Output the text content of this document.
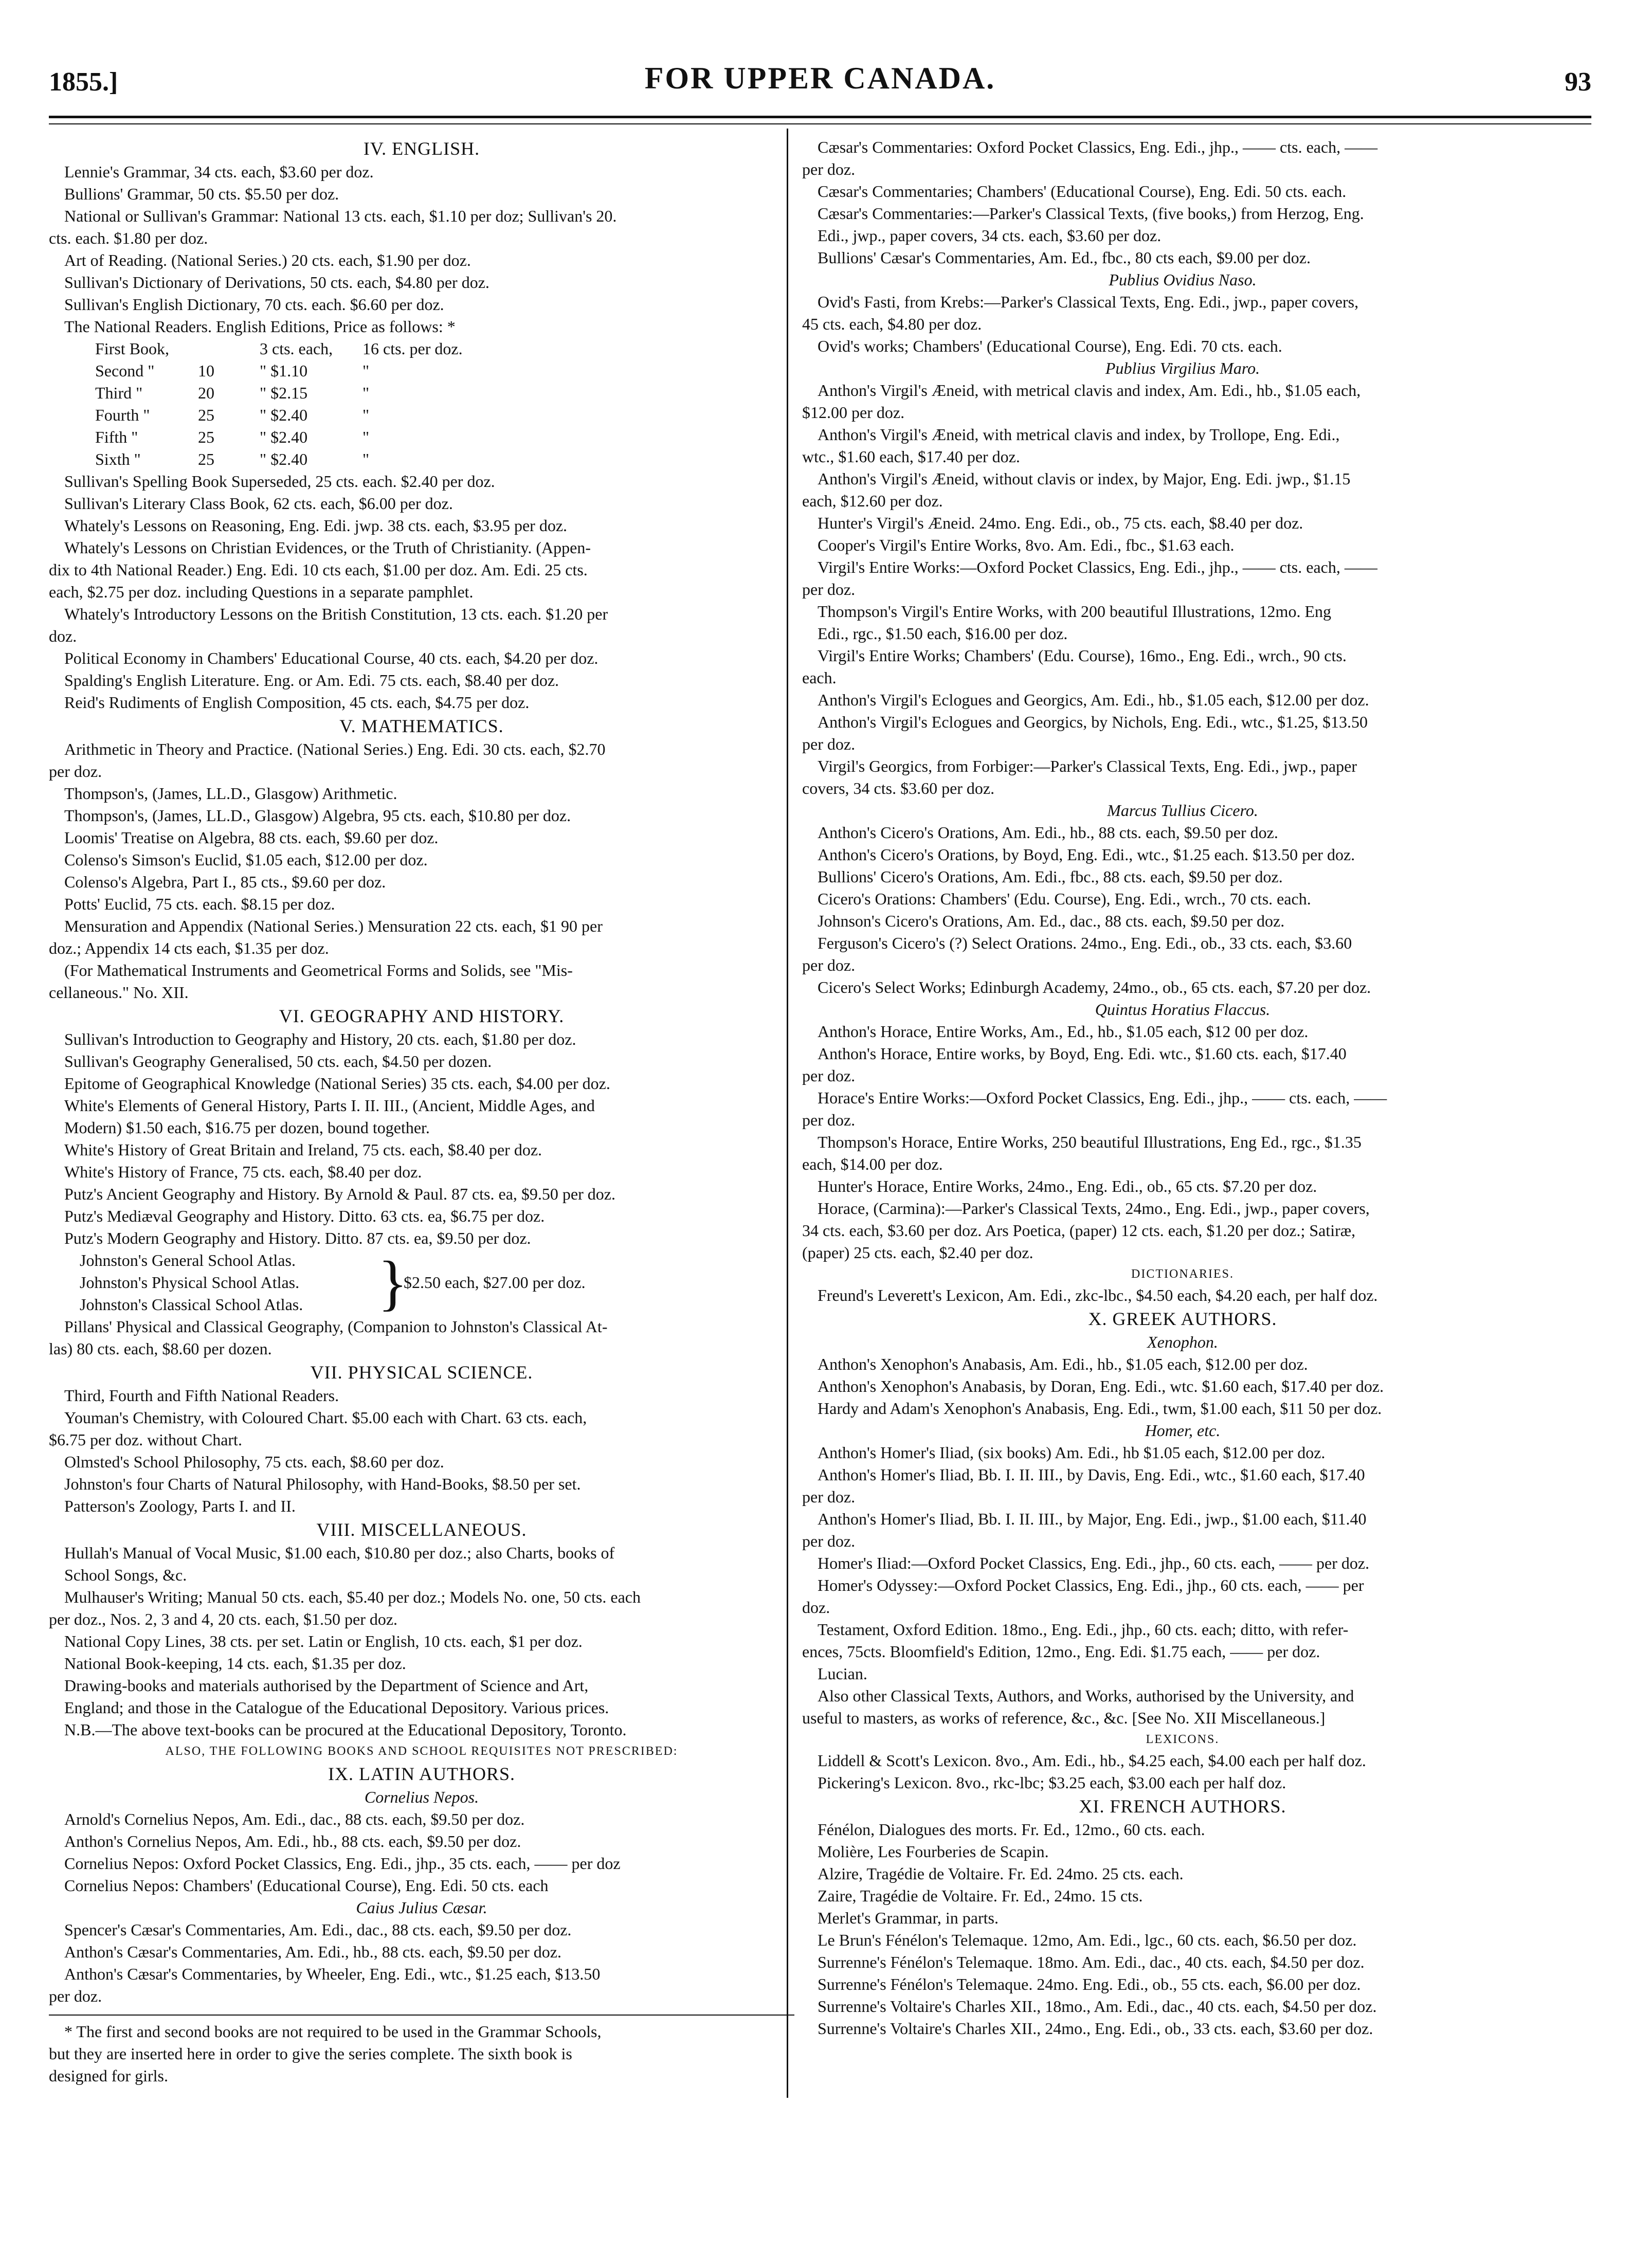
1855.]	FOR UPPER CANADA.	93
IV. ENGLISH.
Lennie's Grammar, 34 cts. each, $3.60 per doz.
Bullions' Grammar, 50 cts. $5.50 per doz.
National or Sullivan's Grammar: National 13 cts. each, $1.10 per doz; Sullivan's 20.
cts. each. $1.80 per doz.
Art of Reading. (National Series.) 20 cts. each, $1.90 per doz.
Sullivan's Dictionary of Derivations, 50 cts. each, $4.80 per doz.
Sullivan's English Dictionary, 70 cts. each. $6.60 per doz.
The National Readers. English Editions, Price as follows: *
First Book,	3 cts. each, 16 cts. per doz.
Second "	10	" $1.10	"
Third "	20	" $2.15	"
Fourth "	25	" $2.40	"
Fifth "	25	" $2.40	"
Sixth "	25	" $2.40	"
Sullivan's Spelling Book Superseded, 25 cts. each. $2.40 per doz.
Sullivan's Literary Class Book, 62 cts. each, $6.00 per doz.
Whately's Lessons on Reasoning, Eng. Edi. jwp. 38 cts. each, $3.95 per doz.
Whately's Lessons on Christian Evidences, or the Truth of Christianity. (Appen-
dix to 4th National Reader.) Eng. Edi. 10 cts each, $1.00 per doz. Am. Edi. 25 cts.
each, $2.75 per doz. including Questions in a separate pamphlet.
Whately's Introductory Lessons on the British Constitution, 13 cts. each. $1.20 per
doz.
Political Economy in Chambers' Educational Course, 40 cts. each, $4.20 per doz.
Spalding's English Literature. Eng. or Am. Edi. 75 cts. each, $8.40 per doz.
Reid's Rudiments of English Composition, 45 cts. each, $4.75 per doz.
V. MATHEMATICS.
Arithmetic in Theory and Practice. (National Series.) Eng. Edi. 30 cts. each, $2.70
per doz.
Thompson's, (James, LL.D., Glasgow) Arithmetic.
Thompson's, (James, LL.D., Glasgow) Algebra, 95 cts. each, $10.80 per doz.
Loomis' Treatise on Algebra, 88 cts. each, $9.60 per doz.
Colenso's Simson's Euclid, $1.05 each, $12.00 per doz.
Colenso's Algebra, Part I., 85 cts., $9.60 per doz.
Potts' Euclid, 75 cts. each. $8.15 per doz.
Mensuration and Appendix (National Series.) Mensuration 22 cts. each, $1 90 per
doz.; Appendix 14 cts each, $1.35 per doz.
(For Mathematical Instruments and Geometrical Forms and Solids, see "Mis-
cellaneous." No. XII.
VI. GEOGRAPHY AND HISTORY.
Sullivan's Introduction to Geography and History, 20 cts. each, $1.80 per doz.
Sullivan's Geography Generalised, 50 cts. each, $4.50 per dozen.
Epitome of Geographical Knowledge (National Series) 35 cts. each, $4.00 per doz.
White's Elements of General History, Parts I. II. III., (Ancient, Middle Ages, and
Modern) $1.50 each, $16.75 per dozen, bound together.
White's History of Great Britain and Ireland, 75 cts. each, $8.40 per doz.
White's History of France, 75 cts. each, $8.40 per doz.
Putz's Ancient Geography and History. By Arnold & Paul. 87 cts. ea, $9.50 per doz.
Putz's Mediæval Geography and History. Ditto. 63 cts. ea, $6.75 per doz.
Putz's Modern Geography and History. Ditto. 87 cts. ea, $9.50 per doz.
Johnston's General School Atlas.
Johnston's Physical School Atlas.
Johnston's Classical School Atlas. }
$2.50 each, $27.00 per doz.
Pillans' Physical and Classical Geography, (Companion to Johnston's Classical At-
las) 80 cts. each, $8.60 per dozen.
VII. PHYSICAL SCIENCE.
Third, Fourth and Fifth National Readers.
Youman's Chemistry, with Coloured Chart. $5.00 each with Chart. 63 cts. each,
$6.75 per doz. without Chart.
Olmsted's School Philosophy, 75 cts. each, $8.60 per doz.
Johnston's four Charts of Natural Philosophy, with Hand-Books, $8.50 per set.
Patterson's Zoology, Parts I. and II.
VIII. MISCELLANEOUS.
Hullah's Manual of Vocal Music, $1.00 each, $10.80 per doz.; also Charts, books of
School Songs, &c.
Mulhauser's Writing; Manual 50 cts. each, $5.40 per doz.; Models No. one, 50 cts. each
per doz., Nos. 2, 3 and 4, 20 cts. each, $1.50 per doz.
National Copy Lines, 38 cts. per set. Latin or English, 10 cts. each, $1 per doz.
National Book-keeping, 14 cts. each, $1.35 per doz.
Drawing-books and materials authorised by the Department of Science and Art,
England; and those in the Catalogue of the Educational Depository. Various prices.
N.B.—The above text-books can be procured at the Educational Depository, Toronto.
ALSO, THE FOLLOWING BOOKS AND SCHOOL REQUISITES NOT PRESCRIBED:
IX. LATIN AUTHORS.
Cornelius Nepos.
Arnold's Cornelius Nepos, Am. Edi., dac., 88 cts. each, $9.50 per doz.
Anthon's Cornelius Nepos, Am. Edi., hb., 88 cts. each, $9.50 per doz.
Cornelius Nepos: Oxford Pocket Classics, Eng. Edi., jhp., 35 cts. each, —— per doz
Cornelius Nepos: Chambers' (Educational Course), Eng. Edi. 50 cts. each
Caius Julius Cæsar.
Spencer's Cæsar's Commentaries, Am. Edi., dac., 88 cts. each, $9.50 per doz.
Anthon's Cæsar's Commentaries, Am. Edi., hb., 88 cts. each, $9.50 per doz.
Anthon's Cæsar's Commentaries, by Wheeler, Eng. Edi., wtc., $1.25 each, $13.50
per doz.
* The first and second books are not required to be used in the Grammar Schools,
but they are inserted here in order to give the series complete. The sixth book is
designed for girls.
Cæsar's Commentaries: Oxford Pocket Classics, Eng. Edi., jhp., —— cts. each, ——
per doz.
Cæsar's Commentaries; Chambers' (Educational Course), Eng. Edi. 50 cts. each.
Cæsar's Commentaries:—Parker's Classical Texts, (five books,) from Herzog, Eng.
Edi., jwp., paper covers, 34 cts. each, $3.60 per doz.
Bullions' Cæsar's Commentaries, Am. Ed., fbc., 80 cts each, $9.00 per doz.
Publius Ovidius Naso.
Ovid's Fasti, from Krebs:—Parker's Classical Texts, Eng. Edi., jwp., paper covers,
45 cts. each, $4.80 per doz.
Ovid's works; Chambers' (Educational Course), Eng. Edi. 70 cts. each.
Publius Virgilius Maro.
Anthon's Virgil's Æneid, with metrical clavis and index, Am. Edi., hb., $1.05 each,
$12.00 per doz.
Anthon's Virgil's Æneid, with metrical clavis and index, by Trollope, Eng. Edi.,
wtc., $1.60 each, $17.40 per doz.
Anthon's Virgil's Æneid, without clavis or index, by Major, Eng. Edi. jwp., $1.15
each, $12.60 per doz.
Hunter's Virgil's Æneid. 24mo. Eng. Edi., ob., 75 cts. each, $8.40 per doz.
Cooper's Virgil's Entire Works, 8vo. Am. Edi., fbc., $1.63 each.
Virgil's Entire Works:—Oxford Pocket Classics, Eng. Edi., jhp., —— cts. each, ——
per doz.
Thompson's Virgil's Entire Works, with 200 beautiful Illustrations, 12mo. Eng
Edi., rgc., $1.50 each, $16.00 per doz.
Virgil's Entire Works; Chambers' (Edu. Course), 16mo., Eng. Edi., wrch., 90 cts.
each.
Anthon's Virgil's Eclogues and Georgics, Am. Edi., hb., $1.05 each, $12.00 per doz.
Anthon's Virgil's Eclogues and Georgics, by Nichols, Eng. Edi., wtc., $1.25, $13.50
per doz.
Virgil's Georgics, from Forbiger:—Parker's Classical Texts, Eng. Edi., jwp., paper
covers, 34 cts. $3.60 per doz.
Marcus Tullius Cicero.
Anthon's Cicero's Orations, Am. Edi., hb., 88 cts. each, $9.50 per doz.
Anthon's Cicero's Orations, by Boyd, Eng. Edi., wtc., $1.25 each. $13.50 per doz.
Bullions' Cicero's Orations, Am. Edi., fbc., 88 cts. each, $9.50 per doz.
Cicero's Orations: Chambers' (Edu. Course), Eng. Edi., wrch., 70 cts. each.
Johnson's Cicero's Orations, Am. Ed., dac., 88 cts. each, $9.50 per doz.
Ferguson's Cicero's (?) Select Orations. 24mo., Eng. Edi., ob., 33 cts. each, $3.60
per doz.
Cicero's Select Works; Edinburgh Academy, 24mo., ob., 65 cts. each, $7.20 per doz.
Quintus Horatius Flaccus.
Anthon's Horace, Entire Works, Am., Ed., hb., $1.05 each, $12 00 per doz.
Anthon's Horace, Entire works, by Boyd, Eng. Edi. wtc., $1.60 cts. each, $17.40
per doz.
Horace's Entire Works:—Oxford Pocket Classics, Eng. Edi., jhp., —— cts. each, ——
per doz.
Thompson's Horace, Entire Works, 250 beautiful Illustrations, Eng Ed., rgc., $1.35
each, $14.00 per doz.
Hunter's Horace, Entire Works, 24mo., Eng. Edi., ob., 65 cts. $7.20 per doz.
Horace, (Carmina):—Parker's Classical Texts, 24mo., Eng. Edi., jwp., paper covers,
34 cts. each, $3.60 per doz. Ars Poetica, (paper) 12 cts. each, $1.20 per doz.; Satiræ,
(paper) 25 cts. each, $2.40 per doz.
DICTIONARIES.
Freund's Leverett's Lexicon, Am. Edi., zkc-lbc., $4.50 each, $4.20 each, per half doz.
X. GREEK AUTHORS.
Xenophon.
Anthon's Xenophon's Anabasis, Am. Edi., hb., $1.05 each, $12.00 per doz.
Anthon's Xenophon's Anabasis, by Doran, Eng. Edi., wtc. $1.60 each, $17.40 per doz.
Hardy and Adam's Xenophon's Anabasis, Eng. Edi., twm, $1.00 each, $11 50 per doz.
Homer, etc.
Anthon's Homer's Iliad, (six books) Am. Edi., hb $1.05 each, $12.00 per doz.
Anthon's Homer's Iliad, Bb. I. II. III., by Davis, Eng. Edi., wtc., $1.60 each, $17.40
per doz.
Anthon's Homer's Iliad, Bb. I. II. III., by Major, Eng. Edi., jwp., $1.00 each, $11.40
per doz.
Homer's Iliad:—Oxford Pocket Classics, Eng. Edi., jhp., 60 cts. each, —— per doz.
Homer's Odyssey:—Oxford Pocket Classics, Eng. Edi., jhp., 60 cts. each, —— per
doz.
Testament, Oxford Edition. 18mo., Eng. Edi., jhp., 60 cts. each; ditto, with refer-
ences, 75cts. Bloomfield's Edition, 12mo., Eng. Edi. $1.75 each, —— per doz.
Lucian.
Also other Classical Texts, Authors, and Works, authorised by the University, and
useful to masters, as works of reference, &c., &c. [See No. XII Miscellaneous.]
LEXICONS.
Liddell & Scott's Lexicon. 8vo., Am. Edi., hb., $4.25 each, $4.00 each per half doz.
Pickering's Lexicon. 8vo., rkc-lbc; $3.25 each, $3.00 each per half doz.
XI. FRENCH AUTHORS.
Fénélon, Dialogues des morts. Fr. Ed., 12mo., 60 cts. each.
Molière, Les Fourberies de Scapin.
Alzire, Tragédie de Voltaire. Fr. Ed. 24mo. 25 cts. each.
Zaire, Tragédie de Voltaire. Fr. Ed., 24mo. 15 cts.
Merlet's Grammar, in parts.
Le Brun's Fénélon's Telemaque. 12mo, Am. Edi., lgc., 60 cts. each, $6.50 per doz.
Surrenne's Fénélon's Telemaque. 18mo. Am. Edi., dac., 40 cts. each, $4.50 per doz.
Surrenne's Fénélon's Telemaque. 24mo. Eng. Edi., ob., 55 cts. each, $6.00 per doz.
Surrenne's Voltaire's Charles XII., 18mo., Am. Edi., dac., 40 cts. each, $4.50 per doz.
Surrenne's Voltaire's Charles XII., 24mo., Eng. Edi., ob., 33 cts. each, $3.60 per doz.
